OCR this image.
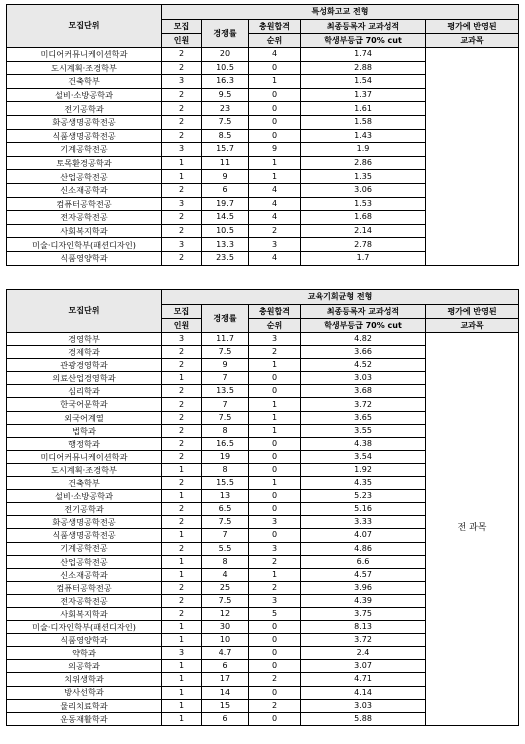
모집단위	특성화고교 전형				
	모집	경쟁률	충원합격	최종등록자 교과성적	평가에 반영된
	인원		순위	학생부등급 70% cut	교과목
미디어커뮤니케이션학과	2	20	4	1.74	
도시계획·조경학부	2	10.5	0	2.88	
건축학부	3	16.3	1	1.54	
설비·소방공학과	2	9.5	0	1.37	
전기공학과	2	23	0	1.61	
화공생명공학전공	2	7.5	0	1.58	
식품생명공학전공	2	8.5	0	1.43	
기계공학전공	3	15.7	9	1.9	
토목환경공학과	1	11	1	2.86	
산업공학전공	1	9	1	1.35	
신소재공학과	2	6	4	3.06	
컴퓨터공학전공	3	19.7	4	1.53	
전자공학전공	2	14.5	4	1.68	
사회복지학과	2	10.5	2	2.14	
미술·디자인학부(패션디자인)	3	13.3	3	2.78	
식품영양학과	2	23.5	4	1.7	
모집단위	교육기회균형 전형				
	모집	경쟁률	충원합격	최종등록자 교과성적	평가에 반영된
	인원		순위	학생부등급 70% cut	교과목
경영학부	3	11.7	3	4.82	전 과목
경제학과	2	7.5	2	3.66	
관광경영학과	2	9	1	4.52	
의료산업경영학과	1	7	0	3.03	
심리학과	2	13.5	0	3.68	
한국어문학과	2	7	1	3.72	
외국어계열	2	7.5	1	3.65	
법학과	2	8	1	3.55	
행정학과	2	16.5	0	4.38	
미디어커뮤니케이션학과	2	19	0	3.54	
도시계획·조경학부	1	8	0	1.92	
건축학부	2	15.5	1	4.35	
설비·소방공학과	1	13	0	5.23	
전기공학과	2	6.5	0	5.16	
화공생명공학전공	2	7.5	3	3.33	
식품생명공학전공	1	7	0	4.07	
기계공학전공	2	5.5	3	4.86	
산업공학전공	1	8	2	6.6	
신소재공학과	1	4	1	4.57	
컴퓨터공학전공	2	25	2	3.96	
전자공학전공	2	7.5	3	4.39	
사회복지학과	2	12	5	3.75	
미술·디자인학부(패션디자인)	1	30	0	8.13	
식품영양학과	1	10	0	3.72	
약학과	3	4.7	0	2.4	
의공학과	1	6	0	3.07	
치위생학과	1	17	2	4.71	
방사선학과	1	14	0	4.14	
물리치료학과	1	15	2	3.03	
운동재활학과	1	6	0	5.88	
